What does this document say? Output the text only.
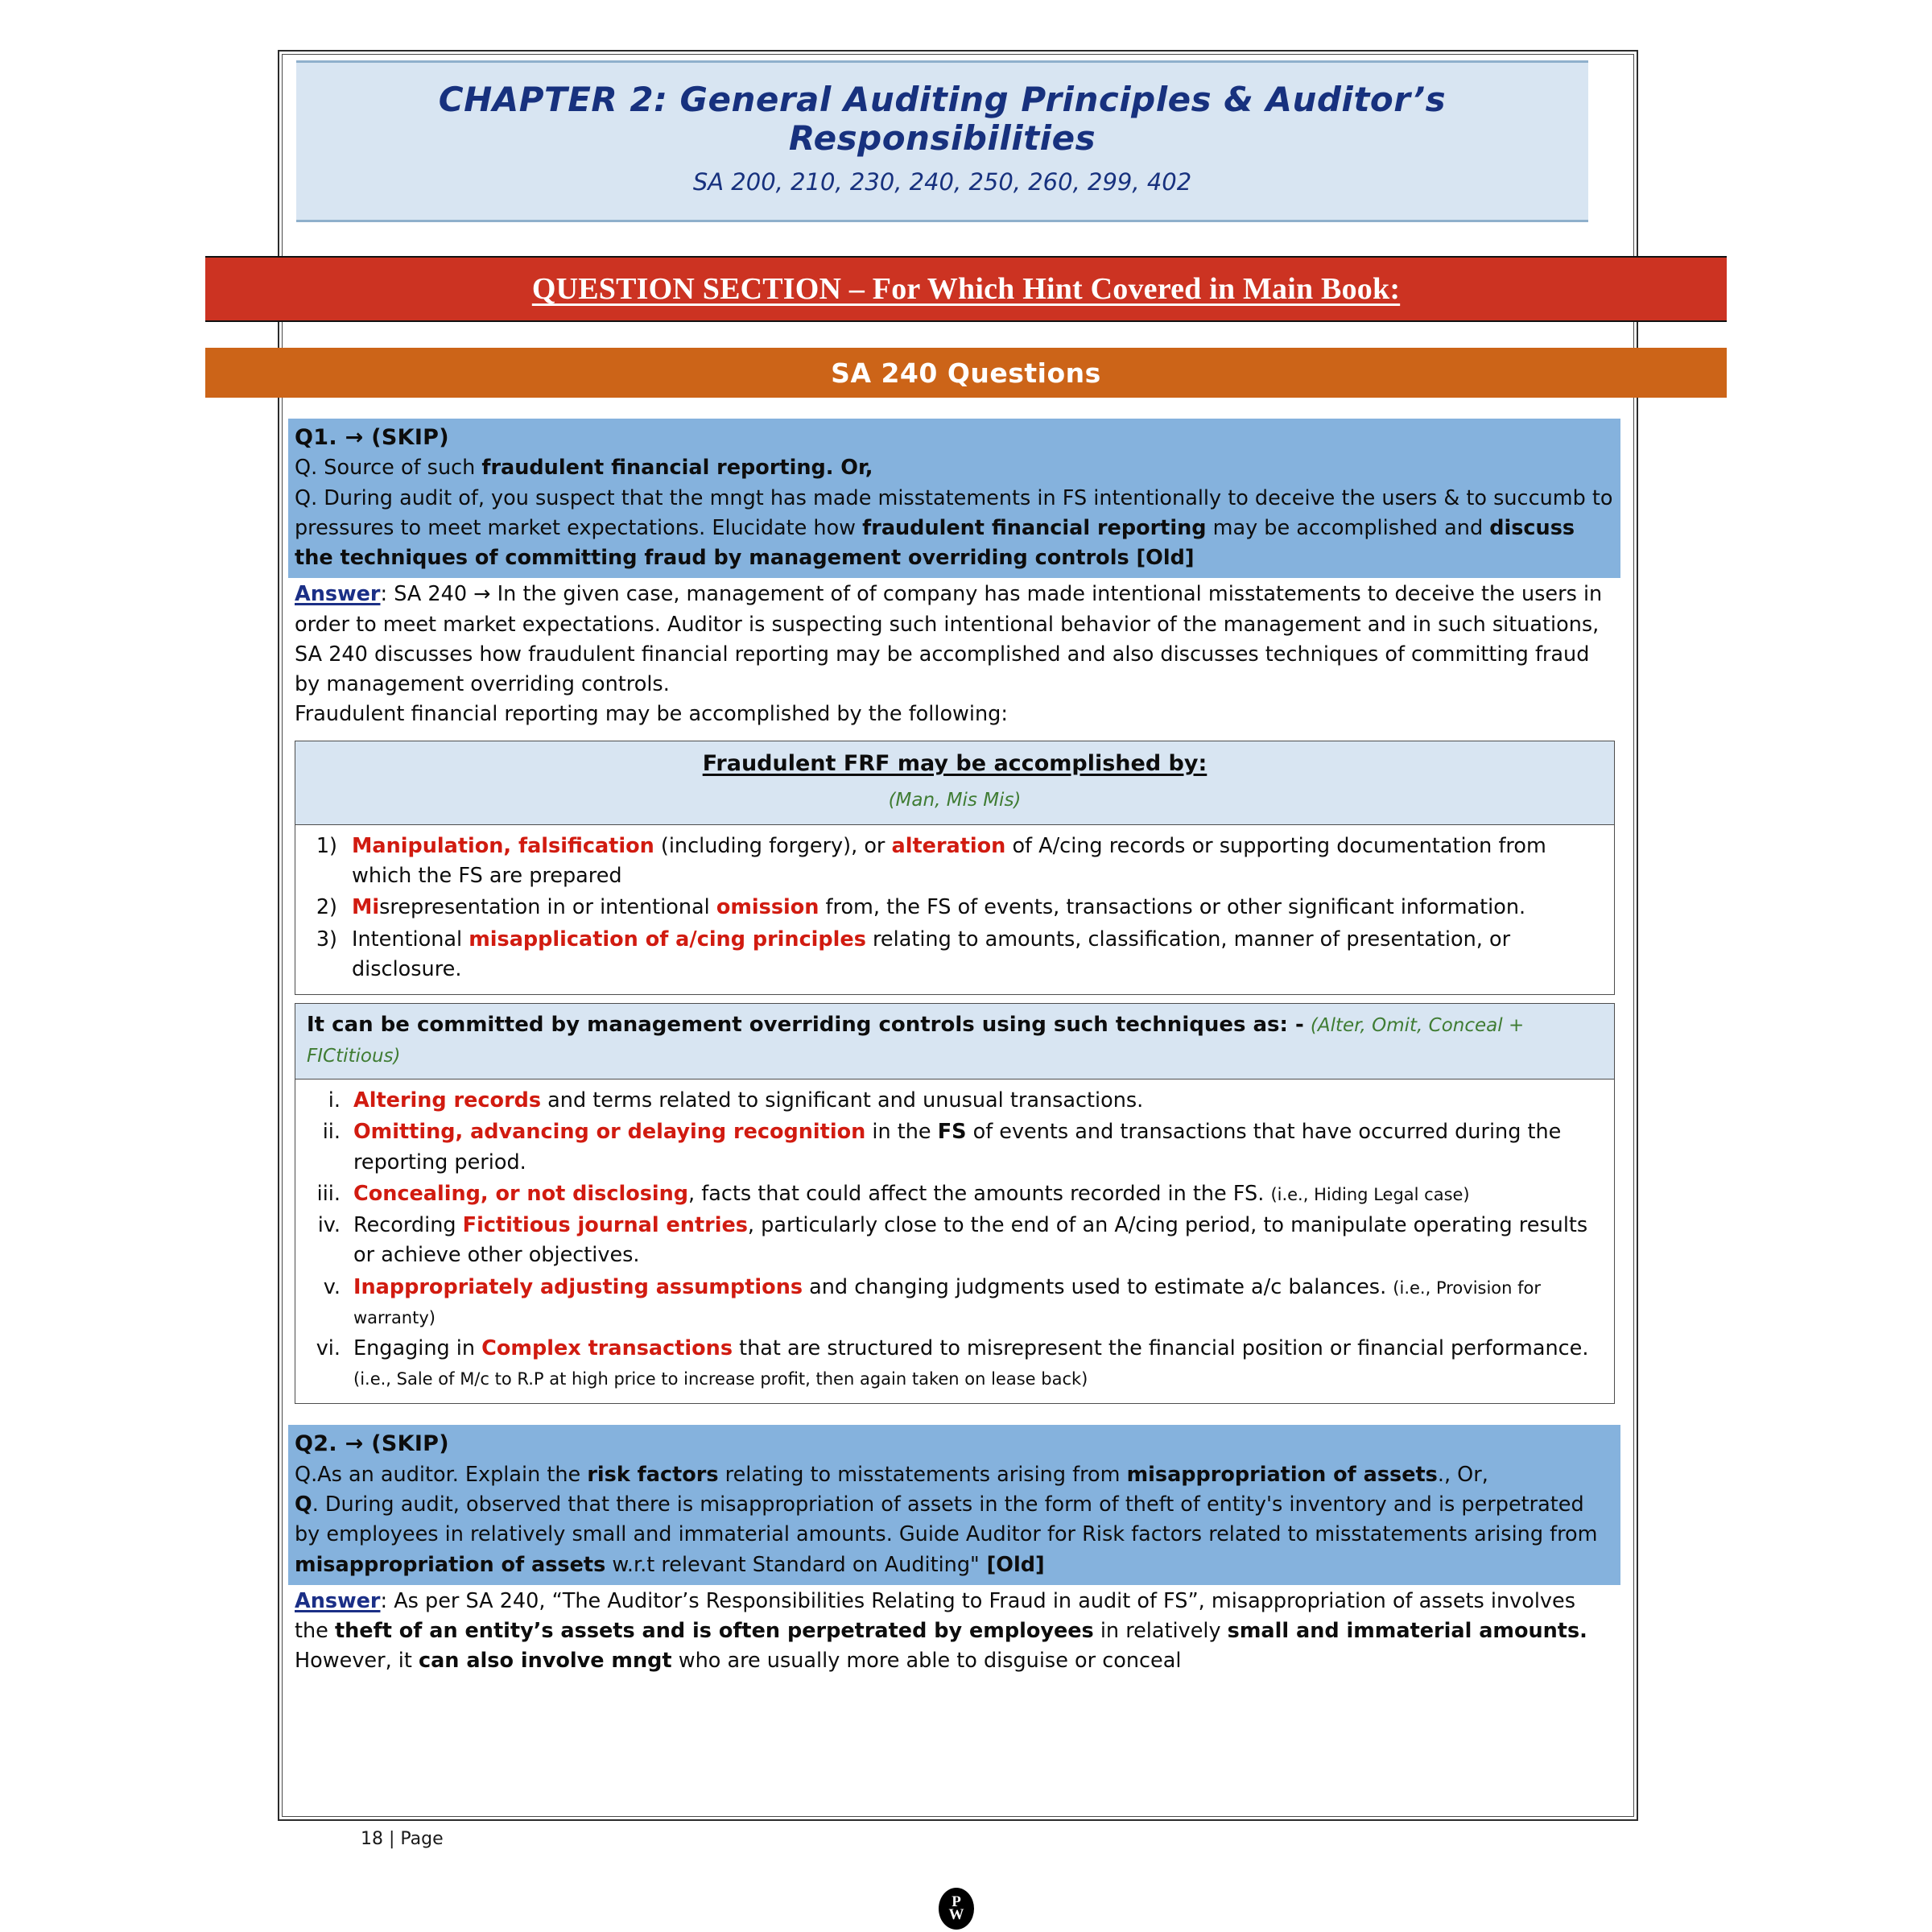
CHAPTER 2: General Auditing Principles & Auditor’s Responsibilities
SA 200, 210, 230, 240, 250, 260, 299, 402
QUESTION SECTION – For Which Hint Covered in Main Book:
SA 240 Questions
Q1. → (SKIP)
Q. Source of such fraudulent financial reporting. Or,
Q. During audit of, you suspect that the mngt has made misstatements in FS intentionally to deceive the users & to succumb to pressures to meet market expectations. Elucidate how fraudulent financial reporting may be accomplished and discuss the techniques of committing fraud by management overriding controls [Old]
Answer: SA 240 → In the given case, management of of company has made intentional misstatements to deceive the users in order to meet market expectations. Auditor is suspecting such intentional behavior of the management and in such situations, SA 240 discusses how fraudulent financial reporting may be accomplished and also discusses techniques of committing fraud by management overriding controls.
Fraudulent financial reporting may be accomplished by the following:
Fraudulent FRF may be accomplished by:
(Man, Mis Mis)
1) Manipulation, falsification (including forgery), or alteration of A/cing records or supporting documentation from which the FS are prepared
2) Misrepresentation in or intentional omission from, the FS of events, transactions or other significant information.
3) Intentional misapplication of a/cing principles relating to amounts, classification, manner of presentation, or disclosure.
It can be committed by management overriding controls using such techniques as: - (Alter, Omit, Conceal + FICtitious)
i. Altering records and terms related to significant and unusual transactions.
ii. Omitting, advancing or delaying recognition in the FS of events and transactions that have occurred during the reporting period.
iii. Concealing, or not disclosing, facts that could affect the amounts recorded in the FS. (i.e., Hiding Legal case)
iv. Recording Fictitious journal entries, particularly close to the end of an A/cing period, to manipulate operating results or achieve other objectives.
v. Inappropriately adjusting assumptions and changing judgments used to estimate a/c balances. (i.e., Provision for warranty)
vi. Engaging in Complex transactions that are structured to misrepresent the financial position or financial performance. (i.e., Sale of M/c to R.P at high price to increase profit, then again taken on lease back)
Q2. → (SKIP)
Q.As an auditor. Explain the risk factors relating to misstatements arising from misappropriation of assets., Or,
Q. During audit, observed that there is misappropriation of assets in the form of theft of entity's inventory and is perpetrated by employees in relatively small and immaterial amounts. Guide Auditor for Risk factors related to misstatements arising from misappropriation of assets w.r.t relevant Standard on Auditing" [Old]
Answer: As per SA 240, “The Auditor’s Responsibilities Relating to Fraud in audit of FS”, misappropriation of assets involves the theft of an entity’s assets and is often perpetrated by employees in relatively small and immaterial amounts. However, it can also involve mngt who are usually more able to disguise or conceal
18 | Page
P
W
